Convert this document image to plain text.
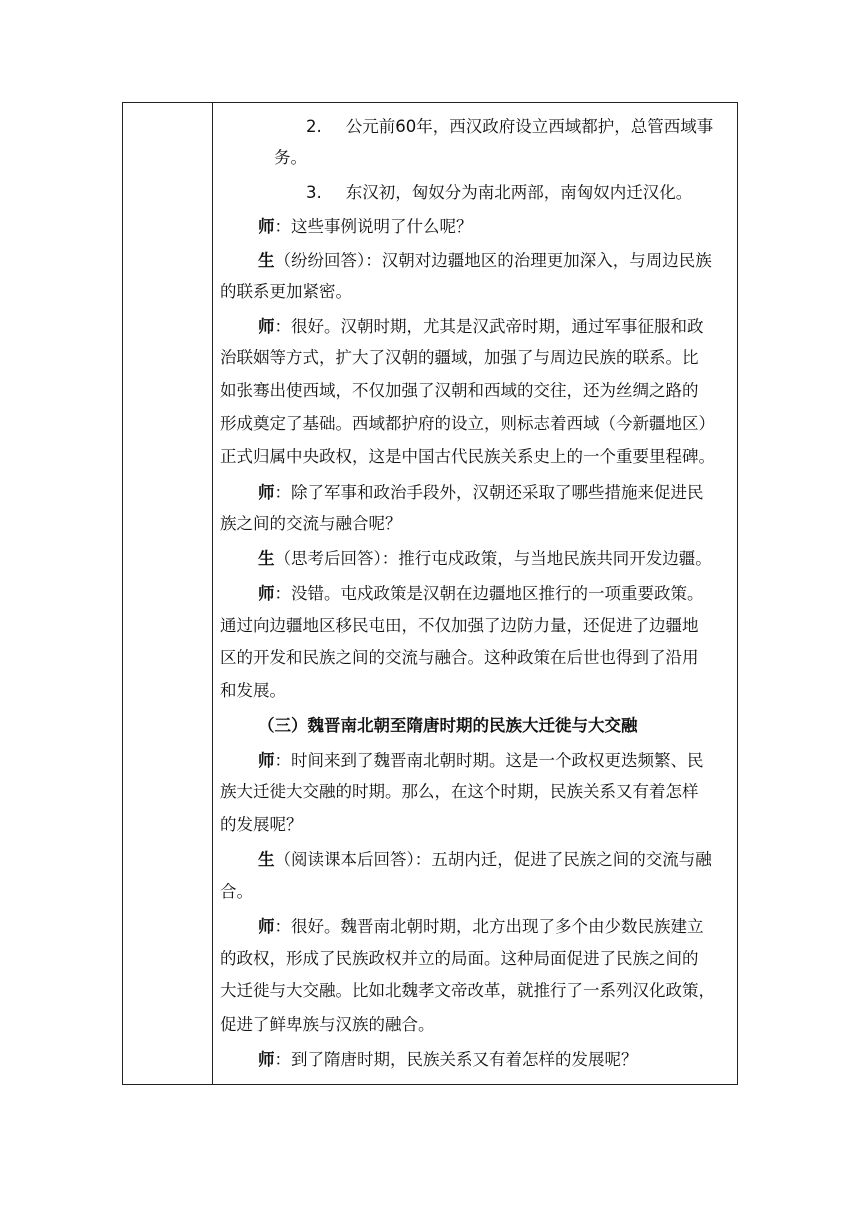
2. 公元前60年，西汉政府设立西域都护，总管西域事
务。
3. 东汉初，匈奴分为南北两部，南匈奴内迁汉化。
师：这些事例说明了什么呢？
生（纷纷回答）：汉朝对边疆地区的治理更加深入，与周边民族
的联系更加紧密。
师：很好。汉朝时期，尤其是汉武帝时期，通过军事征服和政
治联姻等方式，扩大了汉朝的疆域，加强了与周边民族的联系。比
如张骞出使西域，不仅加强了汉朝和西域的交往，还为丝绸之路的
形成奠定了基础。西域都护府的设立，则标志着西域（今新疆地区）
正式归属中央政权，这是中国古代民族关系史上的一个重要里程碑。
师：除了军事和政治手段外，汉朝还采取了哪些措施来促进民
族之间的交流与融合呢？
生（思考后回答）：推行屯戍政策，与当地民族共同开发边疆。
师：没错。屯戍政策是汉朝在边疆地区推行的一项重要政策。
通过向边疆地区移民屯田，不仅加强了边防力量，还促进了边疆地
区的开发和民族之间的交流与融合。这种政策在后世也得到了沿用
和发展。
（三）魏晋南北朝至隋唐时期的民族大迁徙与大交融
师：时间来到了魏晋南北朝时期。这是一个政权更迭频繁、民
族大迁徙大交融的时期。那么，在这个时期，民族关系又有着怎样
的发展呢？
生（阅读课本后回答）：五胡内迁，促进了民族之间的交流与融
合。
师：很好。魏晋南北朝时期，北方出现了多个由少数民族建立
的政权，形成了民族政权并立的局面。这种局面促进了民族之间的
大迁徙与大交融。比如北魏孝文帝改革，就推行了一系列汉化政策，
促进了鲜卑族与汉族的融合。
师：到了隋唐时期，民族关系又有着怎样的发展呢？
